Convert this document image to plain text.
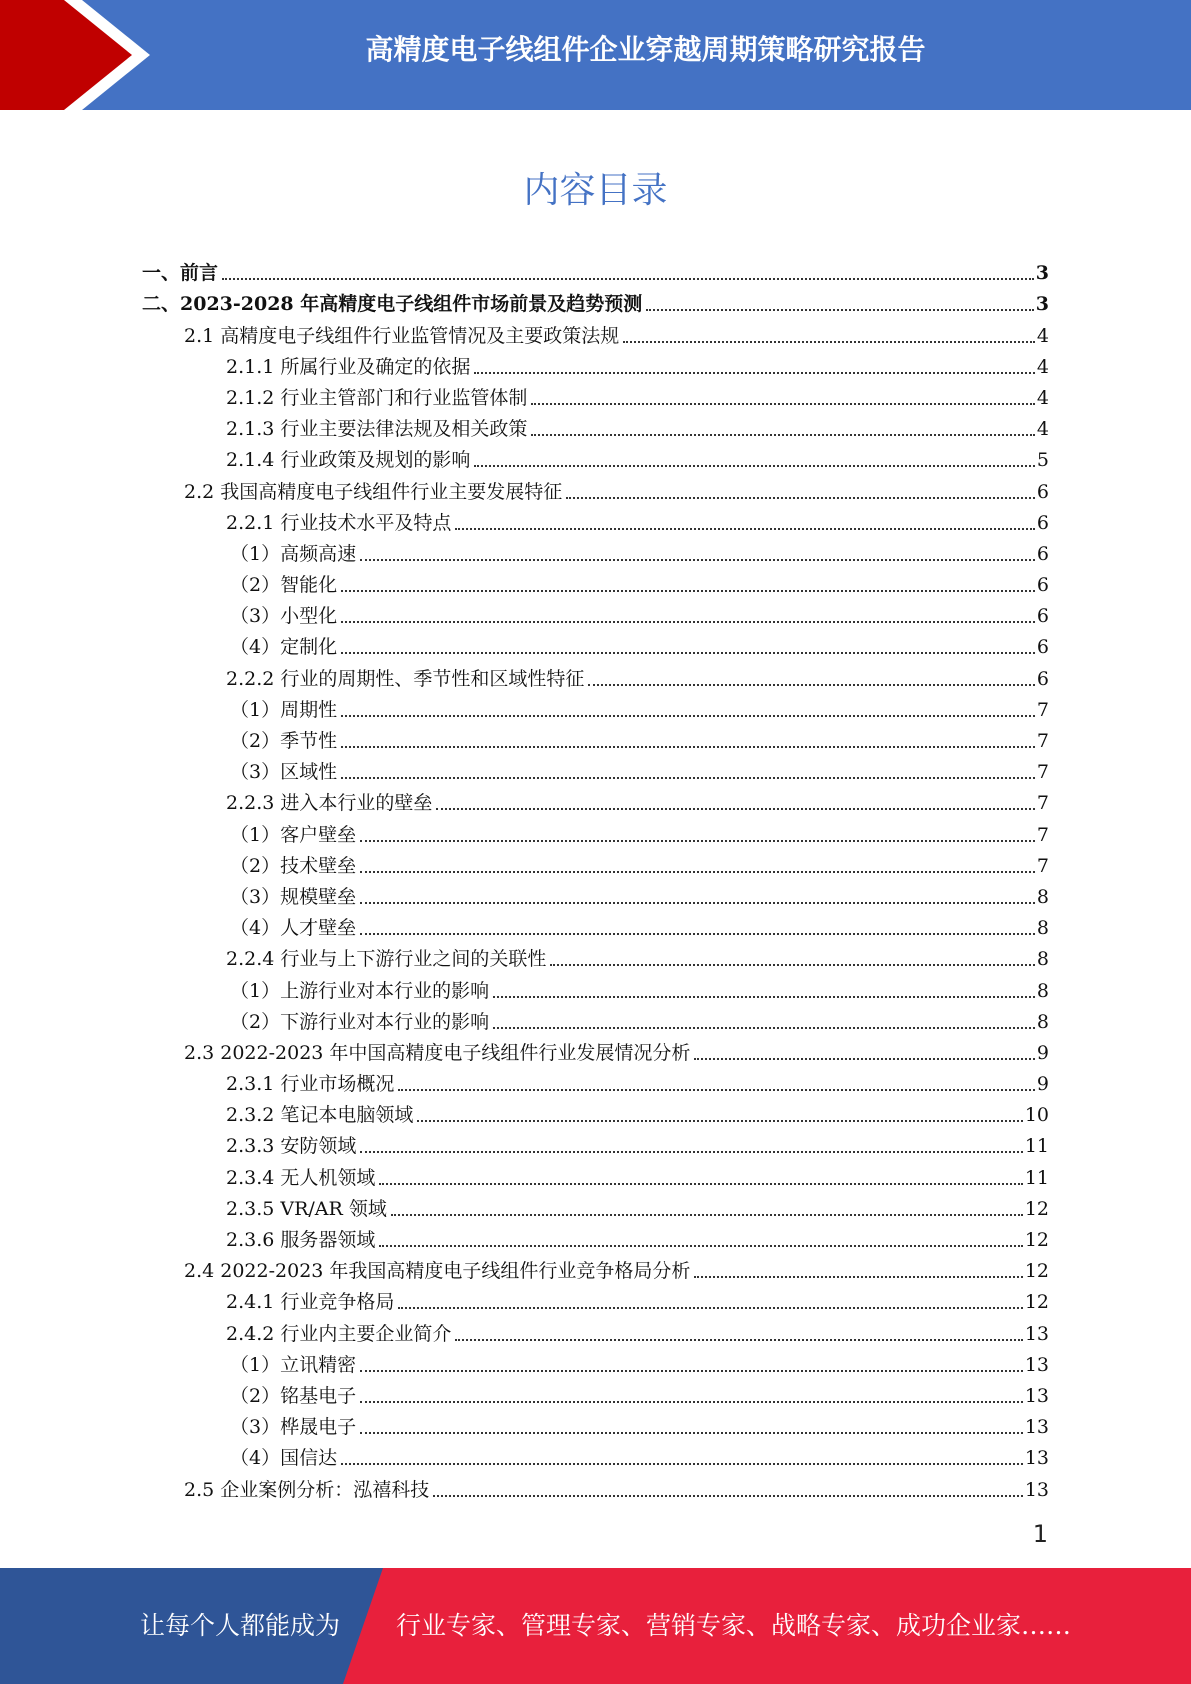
高精度电子线组件企业穿越周期策略研究报告
内容目录
一、前言	3
二、2023-2028 年高精度电子线组件市场前景及趋势预测	3
2.1 高精度电子线组件行业监管情况及主要政策法规	4
2.1.1 所属行业及确定的依据	4
2.1.2 行业主管部门和行业监管体制	4
2.1.3 行业主要法律法规及相关政策	4
2.1.4 行业政策及规划的影响	5
2.2 我国高精度电子线组件行业主要发展特征	6
2.2.1 行业技术水平及特点	6
（1）高频高速	6
（2）智能化	6
（3）小型化	6
（4）定制化	6
2.2.2 行业的周期性、季节性和区域性特征	6
（1）周期性	7
（2）季节性	7
（3）区域性	7
2.2.3 进入本行业的壁垒	7
（1）客户壁垒	7
（2）技术壁垒	7
（3）规模壁垒	8
（4）人才壁垒	8
2.2.4 行业与上下游行业之间的关联性	8
（1）上游行业对本行业的影响	8
（2）下游行业对本行业的影响	8
2.3 2022-2023 年中国高精度电子线组件行业发展情况分析	9
2.3.1 行业市场概况	9
2.3.2 笔记本电脑领域	10
2.3.3 安防领域	11
2.3.4 无人机领域	11
2.3.5 VR/AR 领域	12
2.3.6 服务器领域	12
2.4 2022-2023 年我国高精度电子线组件行业竞争格局分析	12
2.4.1 行业竞争格局	12
2.4.2 行业内主要企业简介	13
（1）立讯精密	13
（2）铭基电子	13
（3）桦晟电子	13
（4）国信达	13
2.5 企业案例分析：泓禧科技	13
1
让每个人都能成为 行业专家、管理专家、营销专家、战略专家、成功企业家……
